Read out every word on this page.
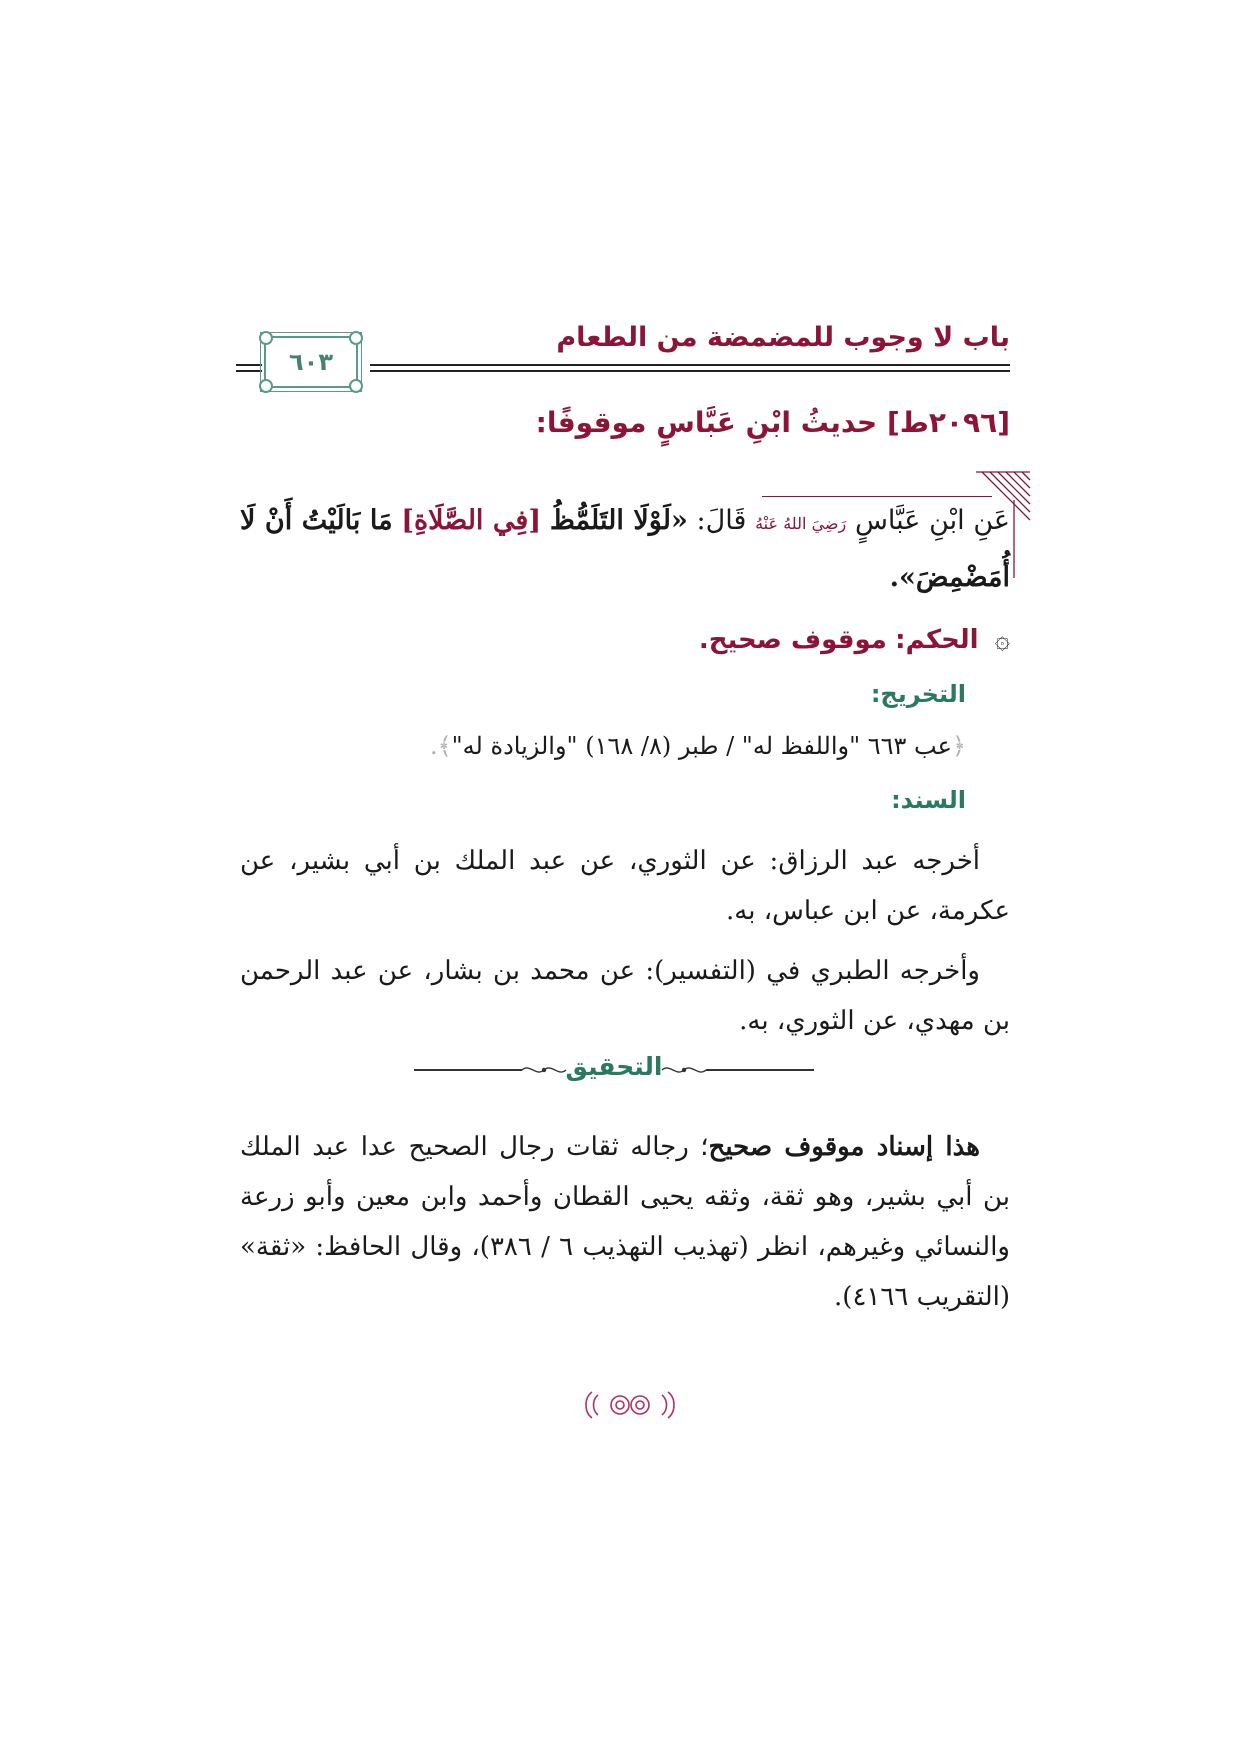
باب لا وجوب للمضمضة من الطعام
٦٠٣
[٢٠٩٦ط] حديثُ ابْنِ عَبَّاسٍ موقوفًا:
عَنِ ابْنِ عَبَّاسٍ رَضِيَ اللهُ عَنْهُ قَالَ: «لَوْلَا التَلَمُّظُ [فِي الصَّلَاةِ] مَا بَالَيْتُ أَنْ لَا أُمَضْمِضَ».
۞ الحكم: موقوف صحيح.
التخريج:
﴿عب ٦٦٣ "واللفظ له" / طبر (٨/ ١٦٨) "والزيادة له"﴾.
السند:
أخرجه عبد الرزاق: عن الثوري، عن عبد الملك بن أبي بشير، عن عكرمة، عن ابن عباس، به.
وأخرجه الطبري في (التفسير): عن محمد بن بشار، عن عبد الرحمن بن مهدي، عن الثوري، به.
التحقيق
هذا إسناد موقوف صحيح؛ رجاله ثقات رجال الصحيح عدا عبد الملك بن أبي بشير، وهو ثقة، وثقه يحيى القطان وأحمد وابن معين وأبو زرعة والنسائي وغيرهم، انظر (تهذيب التهذيب ٦ / ٣٨٦)، وقال الحافظ: «ثقة» (التقريب ٤١٦٦).
